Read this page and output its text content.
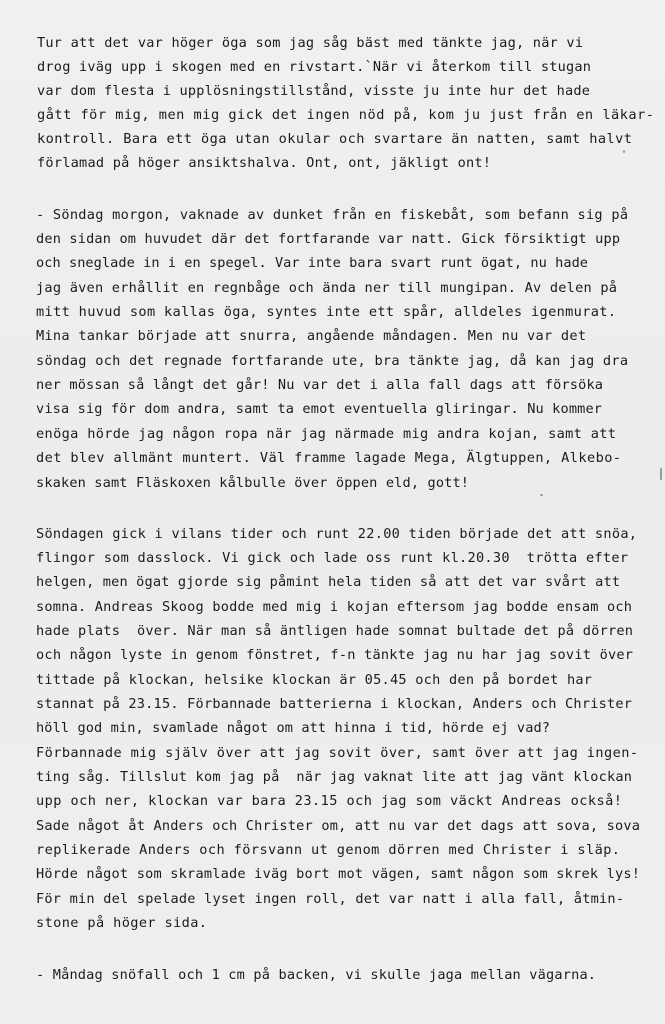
Tur att det var höger öga som jag såg bäst med tänkte jag, när vi

drog iväg upp i skogen med en rivstart.`När vi återkom till stugan

var dom flesta i upplösningstillstånd, visste ju inte hur det hade

gått för mig, men mig gick det ingen nöd på, kom ju just från en läkar-

kontroll. Bara ett öga utan okular och svartare än natten, samt halvt

förlamad på höger ansiktshalva. Ont, ont, jäkligt ont!

- Söndag morgon, vaknade av dunket från en fiskebåt, som befann sig på

den sidan om huvudet där det fortfarande var natt. Gick försiktigt upp

och sneglade in i en spegel. Var inte bara svart runt ögat, nu hade

jag även erhållit en regnbåge och ända ner till mungipan. Av delen på

mitt huvud som kallas öga, syntes inte ett spår, alldeles igenmurat.

Mina tankar började att snurra, angående måndagen. Men nu var det

söndag och det regnade fortfarande ute, bra tänkte jag, då kan jag dra

ner mössan så långt det går! Nu var det i alla fall dags att försöka

visa sig för dom andra, samt ta emot eventuella gliringar. Nu kommer

enöga hörde jag någon ropa när jag närmade mig andra kojan, samt att

det blev allmänt muntert. Väl framme lagade Mega, Älgtuppen, Alkebo-

skaken samt Fläskoxen kålbulle över öppen eld, gott!

Söndagen gick i vilans tider och runt 22.00 tiden började det att snöa,

flingor som dasslock. Vi gick och lade oss runt kl.20.30  trötta efter

helgen, men ögat gjorde sig påmint hela tiden så att det var svårt att

somna. Andreas Skoog bodde med mig i kojan eftersom jag bodde ensam och

hade plats  över. När man så äntligen hade somnat bultade det på dörren

och någon lyste in genom fönstret, f-n tänkte jag nu har jag sovit över

tittade på klockan, helsike klockan är 05.45 och den på bordet har

stannat på 23.15. Förbannade batterierna i klockan, Anders och Christer

höll god min, svamlade något om att hinna i tid, hörde ej vad?

Förbannade mig själv över att jag sovit över, samt över att jag ingen-

ting såg. Tillslut kom jag på  när jag vaknat lite att jag vänt klockan

upp och ner, klockan var bara 23.15 och jag som väckt Andreas också!

Sade något åt Anders och Christer om, att nu var det dags att sova, sova

replikerade Anders och försvann ut genom dörren med Christer i släp.

Hörde något som skramlade iväg bort mot vägen, samt någon som skrek lys!

För min del spelade lyset ingen roll, det var natt i alla fall, åtmin-

stone på höger sida.

- Måndag snöfall och 1 cm på backen, vi skulle jaga mellan vägarna.
